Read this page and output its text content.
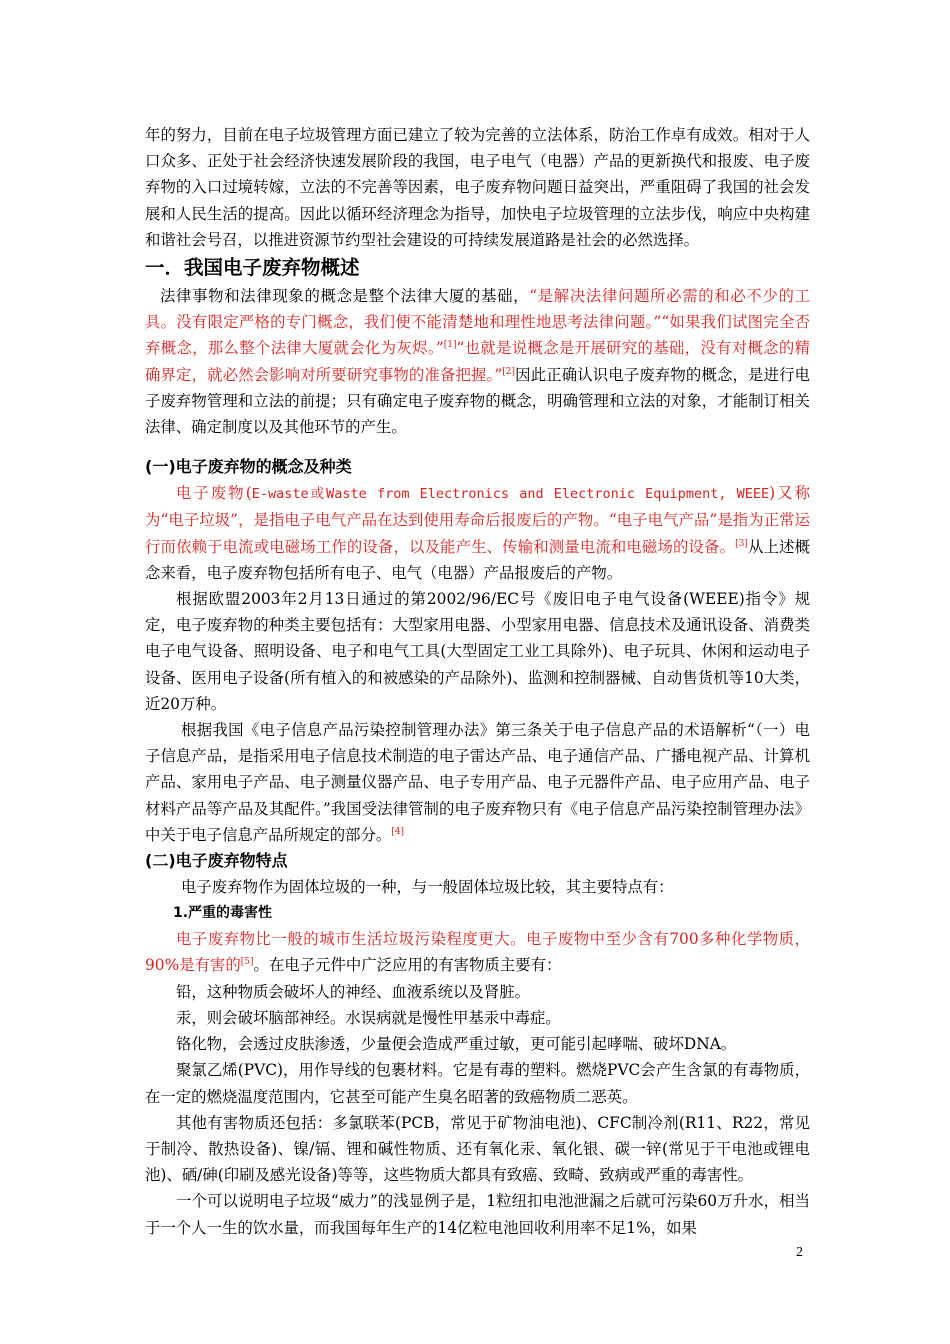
年的努力，目前在电子垃圾管理方面已建立了较为完善的立法体系，防治工作卓有成效。相对于人口众多、正处于社会经济快速发展阶段的我国，电子电气（电器）产品的更新换代和报废、电子废弃物的入口过境转嫁，立法的不完善等因素，电子废弃物问题日益突出，严重阻碍了我国的社会发展和人民生活的提高。因此以循环经济理念为指导，加快电子垃圾管理的立法步伐，响应中央构建和谐社会号召，以推进资源节约型社会建设的可持续发展道路是社会的必然选择。

一．我国电子废弃物概述

法律事物和法律现象的概念是整个法律大厦的基础，“是解决法律问题所必需的和必不少的工具。没有限定严格的专门概念，我们便不能清楚地和理性地思考法律问题。”“如果我们试图完全否弃概念，那么整个法律大厦就会化为灰烬。”[1]“也就是说概念是开展研究的基础，没有对概念的精确界定，就必然会影响对所要研究事物的准备把握。”[2]因此正确认识电子废弃物的概念，是进行电子废弃物管理和立法的前提；只有确定电子废弃物的概念，明确管理和立法的对象，才能制订相关法律、确定制度以及其他环节的产生。

(一)电子废弃物的概念及种类

电子废物(E-waste或Waste from Electronics and Electronic Equipment, WEEE)又称为“电子垃圾”，是指电子电气产品在达到使用寿命后报废后的产物。“电子电气产品”是指为正常运行而依赖于电流或电磁场工作的设备，以及能产生、传输和测量电流和电磁场的设备。[3]从上述概念来看，电子废弃物包括所有电子、电气（电器）产品报废后的产物。

根据欧盟2003年2月13日通过的第2002/96/EC号《废旧电子电气设备(WEEE)指令》规定，电子废弃物的种类主要包括有：大型家用电器、小型家用电器、信息技术及通讯设备、消费类电子电气设备、照明设备、电子和电气工具(大型固定工业工具除外)、电子玩具、休闲和运动电子设备、医用电子设备(所有植入的和被感染的产品除外)、监测和控制器械、自动售货机等10大类，近20万种。

根据我国《电子信息产品污染控制管理办法》第三条关于电子信息产品的术语解析“（一）电子信息产品，是指采用电子信息技术制造的电子雷达产品、电子通信产品、广播电视产品、计算机产品、家用电子产品、电子测量仪器产品、电子专用产品、电子元器件产品、电子应用产品、电子材料产品等产品及其配件。”我国受法律管制的电子废弃物只有《电子信息产品污染控制管理办法》中关于电子信息产品所规定的部分。[4]

(二)电子废弃物特点

电子废弃物作为固体垃圾的一种，与一般固体垃圾比较，其主要特点有：

1.严重的毒害性

电子废弃物比一般的城市生活垃圾污染程度更大。电子废物中至少含有700多种化学物质，90%是有害的[5]。在电子元件中广泛应用的有害物质主要有：

铅，这种物质会破坏人的神经、血液系统以及肾脏。

汞，则会破坏脑部神经。水误病就是慢性甲基汞中毒症。

铬化物，会透过皮肤渗透，少量便会造成严重过敏，更可能引起哮喘、破坏DNA。

聚氯乙烯(PVC)，用作导线的包裹材料。它是有毒的塑料。燃烧PVC会产生含氯的有毒物质，在一定的燃烧温度范围内，它甚至可能产生臭名昭著的致癌物质二恶英。

其他有害物质还包括：多氯联苯(PCB，常见于矿物油电池)、CFC制冷剂(R11、R22，常见于制冷、散热设备)、镍/镉、锂和碱性物质、还有氧化汞、氧化银、碳一锌(常见于干电池或锂电池)、硒/砷(印刷及感光设备)等等，这些物质大都具有致癌、致畸、致病或严重的毒害性。

一个可以说明电子垃圾“威力”的浅显例子是，1粒纽扣电池泄漏之后就可污染60万升水，相当于一个人一生的饮水量，而我国每年生产的14亿粒电池回收利用率不足1%，如果

2
